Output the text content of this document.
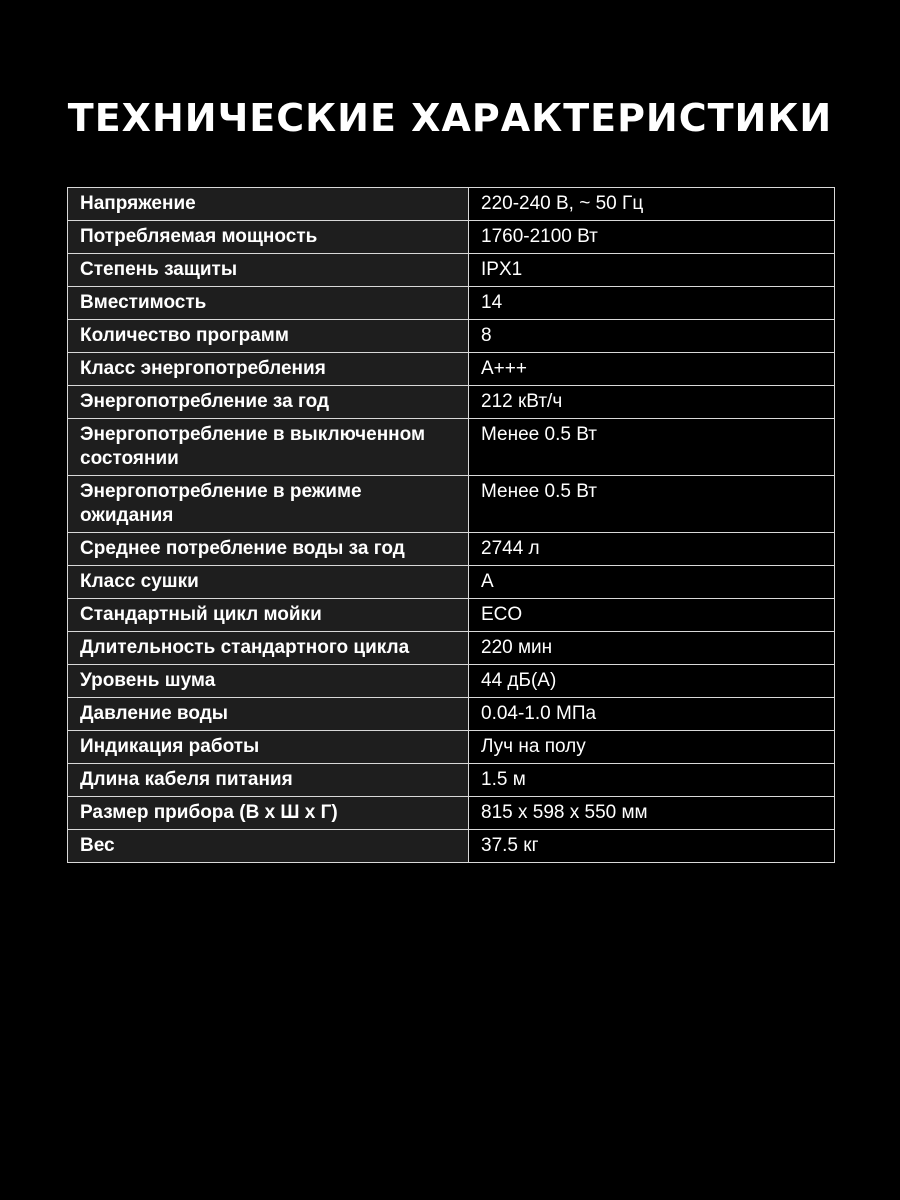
ТЕХНИЧЕСКИЕ ХАРАКТЕРИСТИКИ
Напряжение	220-240 В, ~ 50 Гц
Потребляемая мощность	1760-2100 Вт
Степень защиты	IPX1
Вместимость	14
Количество программ	8
Класс энергопотребления	A+++
Энергопотребление за год	212 кВт/ч
Энергопотребление в выключенном состоянии	Менее 0.5 Вт
Энергопотребление в режиме ожидания	Менее 0.5 Вт
Среднее потребление воды за год	2744 л
Класс сушки	A
Стандартный цикл мойки	ECO
Длительность стандартного цикла	220 мин
Уровень шума	44 дБ(А)
Давление воды	0.04-1.0 МПа
Индикация работы	Луч на полу
Длина кабеля питания	1.5 м
Размер прибора (В х Ш х Г)	815 х 598 х 550 мм
Вес	37.5 кг
